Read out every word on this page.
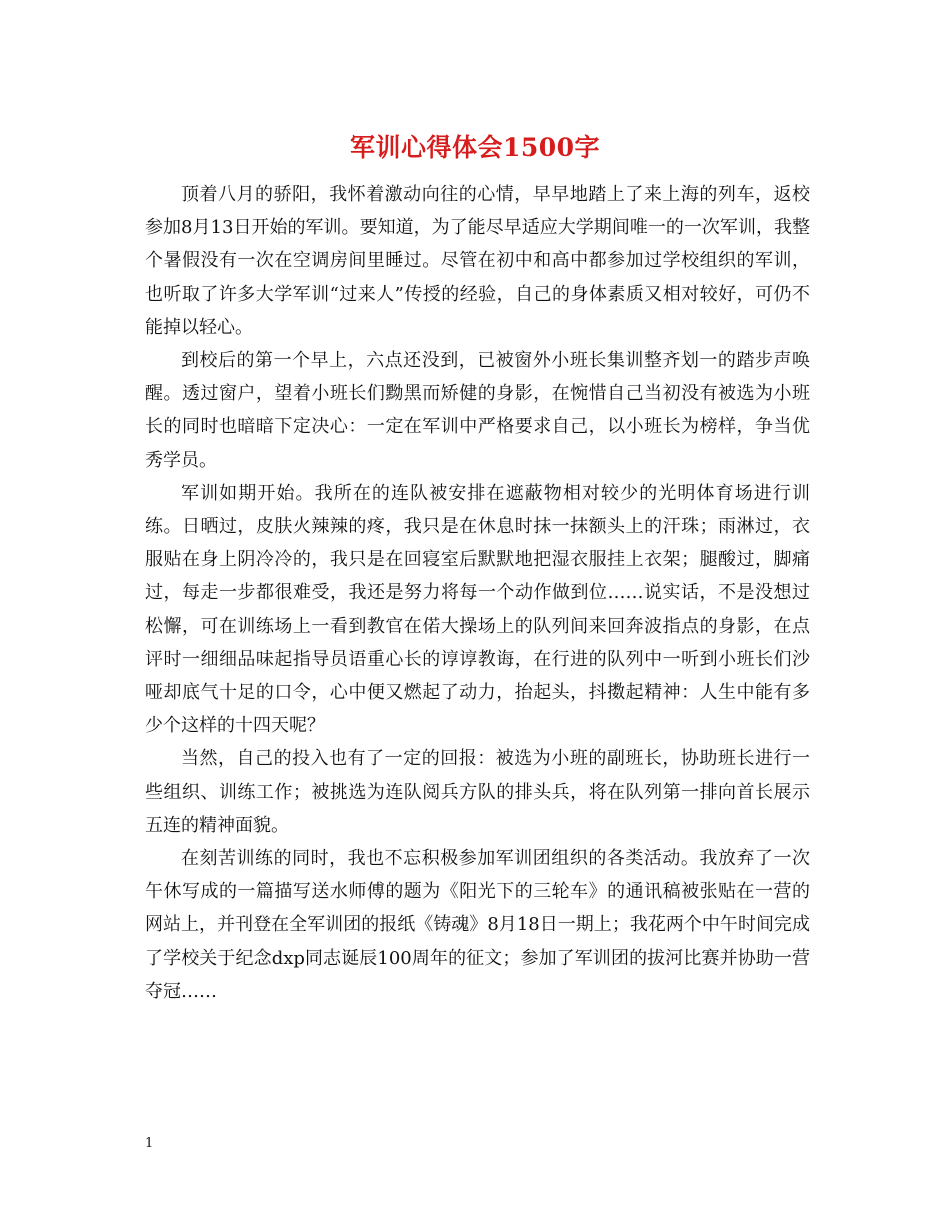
军训心得体会1500字

顶着八月的骄阳，我怀着激动向往的心情，早早地踏上了来上海的列车，返校参加8月13日开始的军训。要知道，为了能尽早适应大学期间唯一的一次军训，我整个暑假没有一次在空调房间里睡过。尽管在初中和高中都参加过学校组织的军训，也听取了许多大学军训“过来人”传授的经验，自己的身体素质又相对较好，可仍不能掉以轻心。

到校后的第一个早上，六点还没到，已被窗外小班长集训整齐划一的踏步声唤醒。透过窗户，望着小班长们黝黑而矫健的身影，在惋惜自己当初没有被选为小班长的同时也暗暗下定决心：一定在军训中严格要求自己，以小班长为榜样，争当优秀学员。

军训如期开始。我所在的连队被安排在遮蔽物相对较少的光明体育场进行训练。日晒过，皮肤火辣辣的疼，我只是在休息时抹一抹额头上的汗珠；雨淋过，衣服贴在身上阴冷冷的，我只是在回寝室后默默地把湿衣服挂上衣架；腿酸过，脚痛过，每走一步都很难受，我还是努力将每一个动作做到位……说实话，不是没想过松懈，可在训练场上一看到教官在偌大操场上的队列间来回奔波指点的身影，在点评时一细细品味起指导员语重心长的谆谆教诲，在行进的队列中一听到小班长们沙哑却底气十足的口令，心中便又燃起了动力，抬起头，抖擞起精神：人生中能有多少个这样的十四天呢？

当然，自己的投入也有了一定的回报：被选为小班的副班长，协助班长进行一些组织、训练工作；被挑选为连队阅兵方队的排头兵，将在队列第一排向首长展示五连的精神面貌。

在刻苦训练的同时，我也不忘积极参加军训团组织的各类活动。我放弃了一次午休写成的一篇描写送水师傅的题为《阳光下的三轮车》的通讯稿被张贴在一营的网站上，并刊登在全军训团的报纸《铸魂》8月18日一期上；我花两个中午时间完成了学校关于纪念dxp同志诞辰100周年的征文；参加了军训团的拔河比赛并协助一营夺冠……

1
